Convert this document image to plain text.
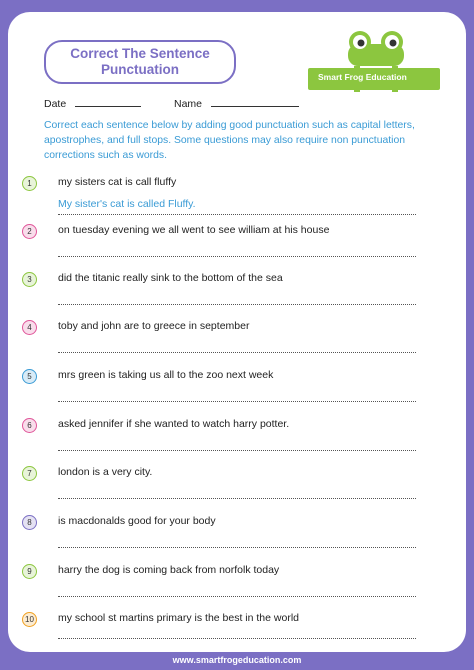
Correct The Sentence
Punctuation	Smart Frog Education
Date	Name
Correct each sentence below by adding good punctuation such as capital letters, apostrophes, and full stops. Some questions may also require non punctuation corrections such as words.
1	my sisters cat is call fluffy
My sister's cat is called Fluffy.
2	on tuesday evening we all went to see william at his house
3	did the titanic really sink to the bottom of the sea
4	toby and john are to greece in september
5	mrs green is taking us all to the zoo next week
6	asked jennifer if she wanted to watch harry potter.
7	london is a very city.
8	is macdonalds good for your body
9	harry the dog is coming back from norfolk today
10 my school st martins primary is the best in the world
www.smartfrogeducation.com
